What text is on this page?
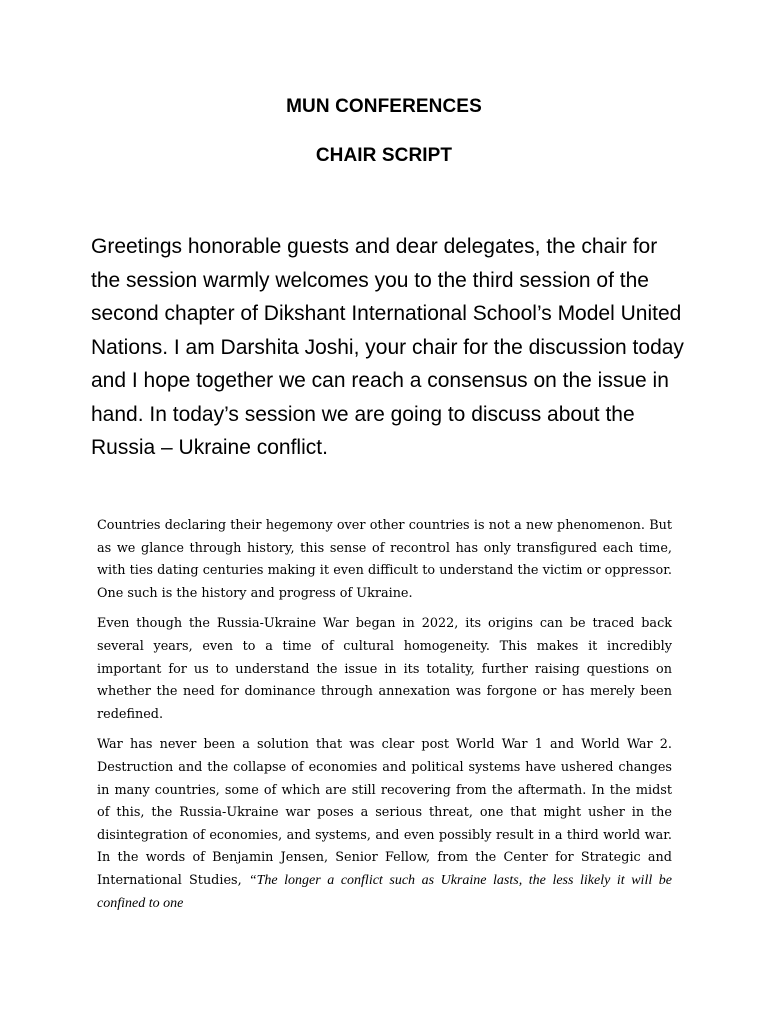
MUN CONFERENCES
CHAIR SCRIPT

Greetings honorable guests and dear delegates, the chair for the session warmly welcomes you to the third session of the second chapter of Dikshant International School’s Model United Nations. I am Darshita Joshi, your chair for the discussion today and I hope together we can reach a consensus on the issue in hand. In today’s session we are going to discuss about the Russia – Ukraine conflict.

Countries declaring their hegemony over other countries is not a new phenomenon. But as we glance through history, this sense of recontrol has only transfigured each time, with ties dating centuries making it even difficult to understand the victim or oppressor. One such is the history and progress of Ukraine.

Even though the Russia-Ukraine War began in 2022, its origins can be traced back several years, even to a time of cultural homogeneity. This makes it incredibly important for us to understand the issue in its totality, further raising questions on whether the need for dominance through annexation was forgone or has merely been redefined.

War has never been a solution that was clear post World War 1 and World War 2. Destruction and the collapse of economies and political systems have ushered changes in many countries, some of which are still recovering from the aftermath. In the midst of this, the Russia-Ukraine war poses a serious threat, one that might usher in the disintegration of economies, and systems, and even possibly result in a third world war. In the words of Benjamin Jensen, Senior Fellow, from the Center for Strategic and International Studies, “The longer a conflict such as Ukraine lasts, the less likely it will be confined to one
